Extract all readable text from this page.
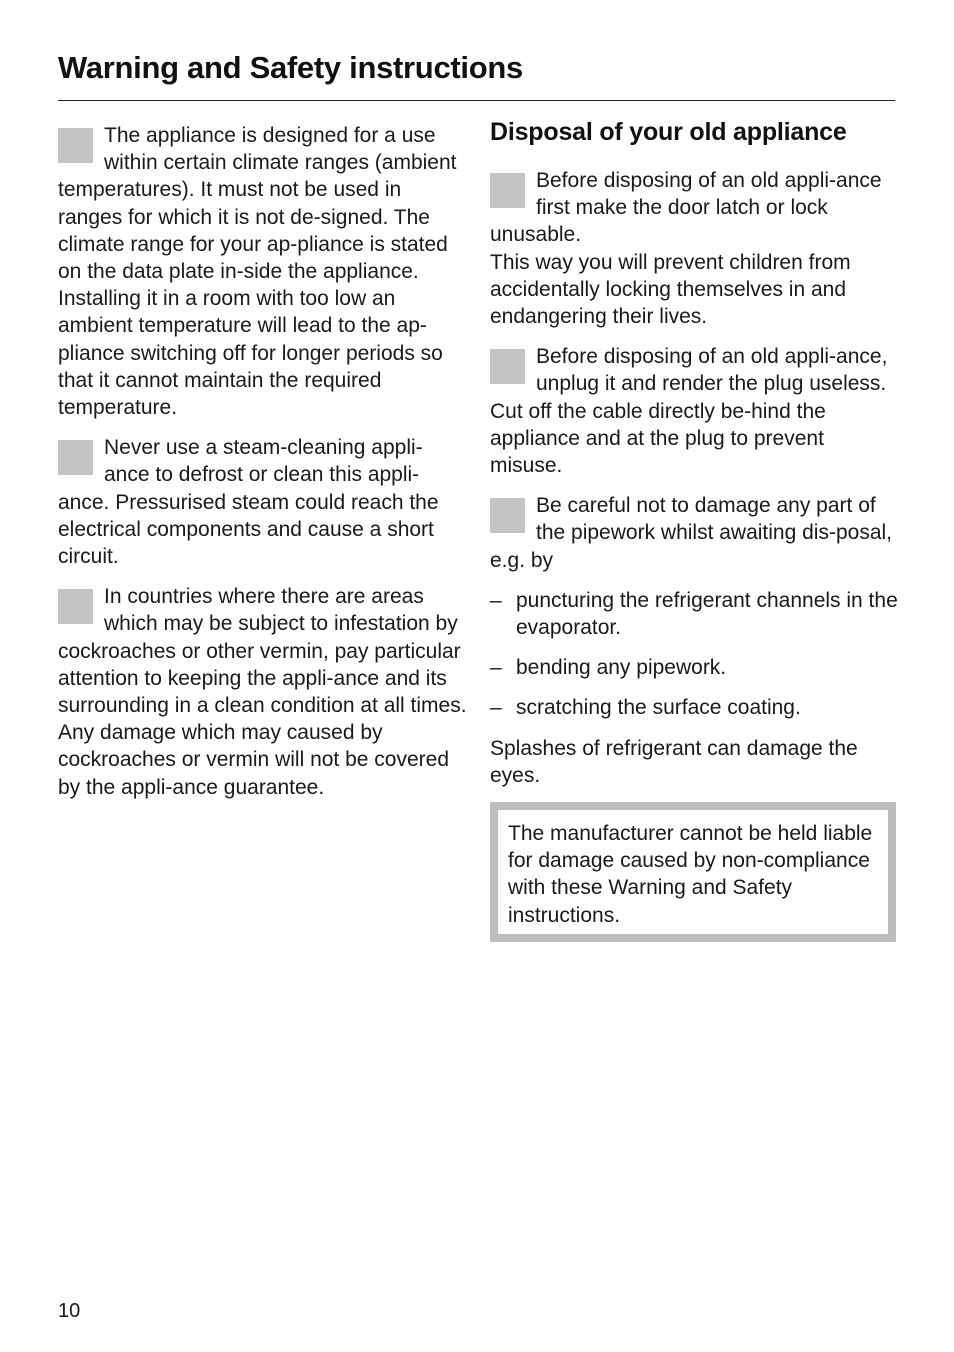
Warning and Safety instructions
The appliance is designed for a use within certain climate ranges (ambient temperatures). It must not be used in ranges for which it is not de-signed. The climate range for your ap-pliance is stated on the data plate in-side the appliance.
Installing it in a room with too low an ambient temperature will lead to the ap-pliance switching off for longer periods so that it cannot maintain the required temperature.
Never use a steam-cleaning appli-ance to defrost or clean this appli-ance. Pressurised steam could reach the electrical components and cause a short circuit.
In countries where there are areas which may be subject to infestation by cockroaches or other vermin, pay particular attention to keeping the appli-ance and its surrounding in a clean condition at all times. Any damage which may caused by cockroaches or vermin will not be covered by the appli-ance guarantee.
Disposal of your old appliance
Before disposing of an old appli-ance first make the door latch or lock unusable.
This way you will prevent children from accidentally locking themselves in and endangering their lives.
Before disposing of an old appli-ance, unplug it and render the plug useless. Cut off the cable directly be-hind the appliance and at the plug to prevent misuse.
Be careful not to damage any part of the pipework whilst awaiting dis-posal, e.g. by
– puncturing the refrigerant channels in the evaporator.
– bending any pipework.
– scratching the surface coating.

Splashes of refrigerant can damage the eyes.

The manufacturer cannot be held liable for damage caused by non-compliance with these Warning and Safety instructions.

10
